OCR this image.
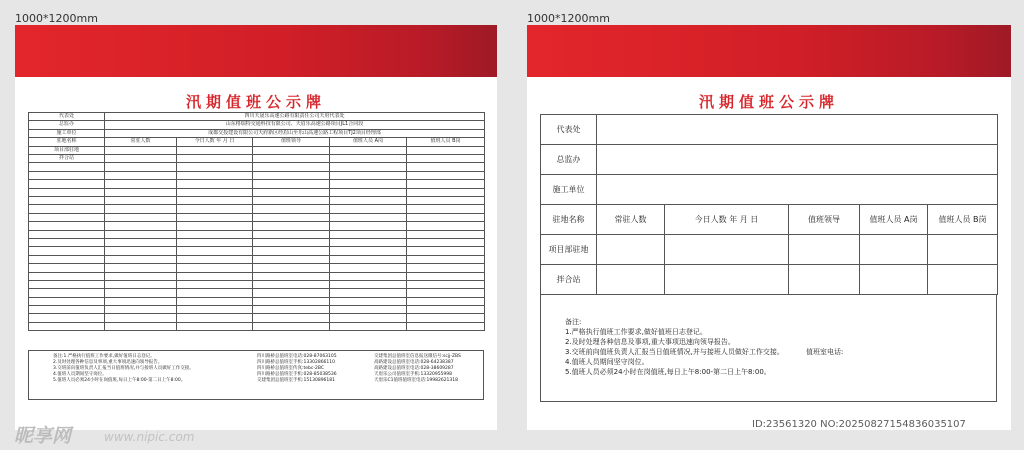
1000*1200mm	1000*1200mm
汛期值班公示牌
代表处	四川天晟乐高速公路有限责任公司天府代表处				
总监办	山东格瑞特交通科技有限公司、天眉乐高速公路项目JL1合同段				
施工单位	成都交投建设有限公司天府新区经眉山至乐山高速公路工程项目TJ2项目经理部				
驻地名称	常驻人数	今日人数 年 月 日	值班领导	值班人员 A岗	值班人员 B岗
项目部驻地					
拌合站					

备注:1.严格执行值班工作要求,做好值班日志登记。
2.及时处理各种信息及事项,重大事项迅速向领导报告。
3.交班前向值班负责人汇报当日值班情况,并与接班人员做好工作交接。
4.值班人员期间坚守岗位。
5.值班人员必须24小时在岗值班,每日上午8:00-第二日上午8:00。
四川路桥总值班室电话:028-87063105
四川路桥总值班室手机:13302866110
四川路桥总值班室传真:tebc-2BC
四川路桥总值班室手机:028-85038536
交建集团总值班室手机:15130896181
交建集团总值班室信息报送微信号:scjj-ZBS
高路建设总值班室电话:028-64238387
高路建设总值班室电话:028-38609287
天眉乐公司值班室手机:13320955998
天眉乐C1值班值班室电话:19982621318
汛期值班公示牌
代表处					
总监办					
施工单位					
驻地名称	常驻人数	今日人数 年 月 日	值班领导	值班人员 A岗	值班人员 B岗
项目部驻地					
拌合站					
备注:
1.严格执行值班工作要求,做好值班日志登记。
2.及时处理各种信息及事项,重大事项迅速向领导报告。
3.交班前向值班负责人汇报当日值班情况,并与接班人员做好工作交接。
4.值班人员期间坚守岗位。
5.值班人员必须24小时在岗值班,每日上午8:00-第二日上午8:00。
值班室电话:
昵享网	www.nipic.com
ID:23561320 NO:20250827154836035107
